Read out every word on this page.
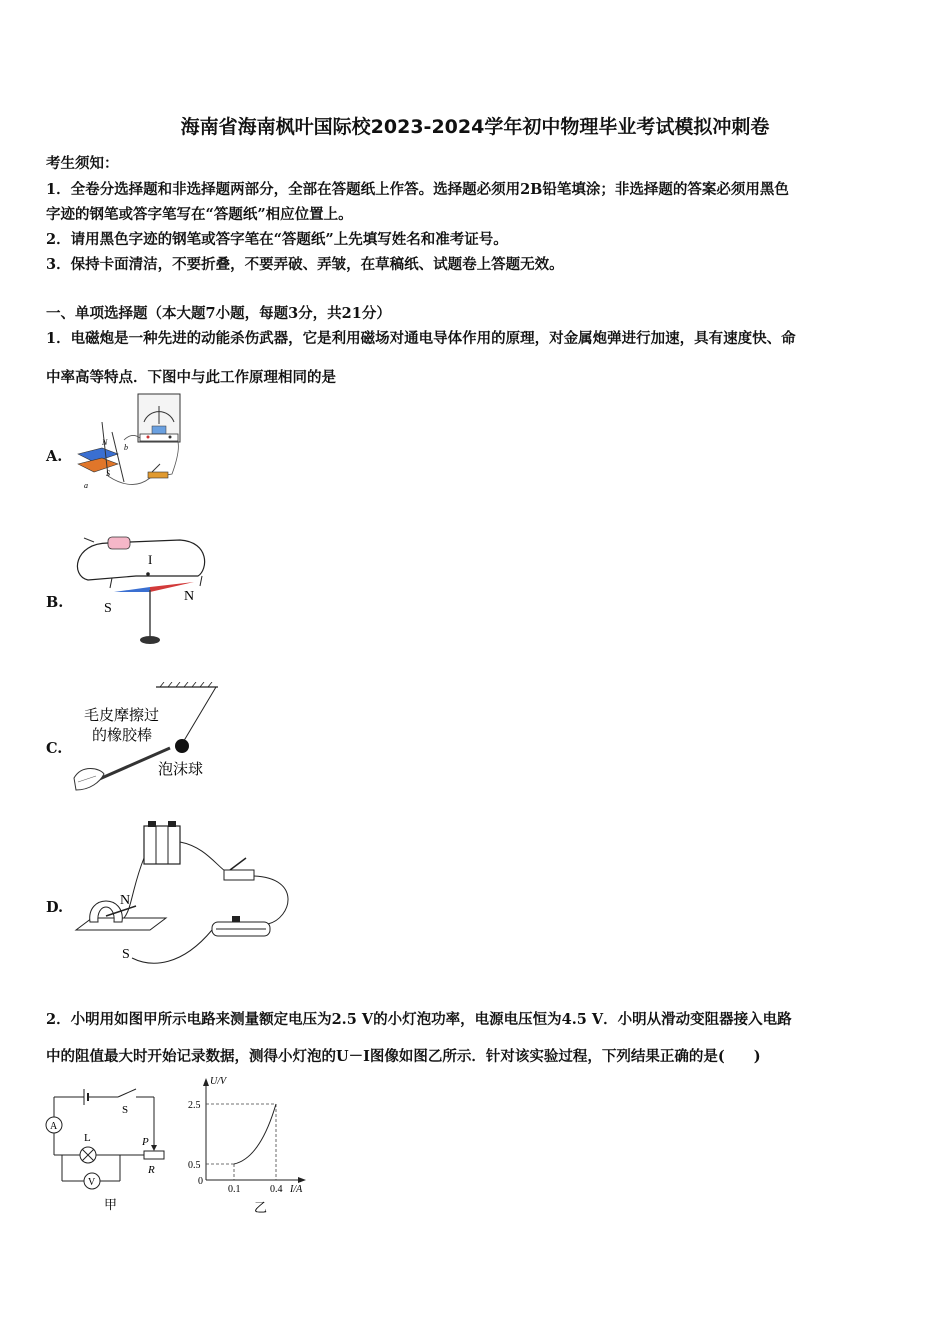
海南省海南枫叶国际校2023-2024学年初中物理毕业考试模拟冲刺卷
考生须知：
1．全卷分选择题和非选择题两部分，全部在答题纸上作答。选择题必须用2B铅笔填涂；非选择题的答案必须用黑色
字迹的钢笔或答字笔写在“答题纸”相应位置上。
2．请用黑色字迹的钢笔或答字笔在“答题纸”上先填写姓名和准考证号。
3．保持卡面清洁，不要折叠，不要弄破、弄皱，在草稿纸、试题卷上答题无效。
一、单项选择题（本大题7小题，每题3分，共21分）
1．电磁炮是一种先进的动能杀伤武器，它是利用磁场对通电导体作用的原理，对金属炮弹进行加速，具有速度快、命
中率高等特点．下图中与此工作原理相同的是
A.
N
S
a
b
B.
I
S
N
C.
毛皮摩擦过
的橡胶棒
泡沫球
D.	N
S
2．小明用如图甲所示电路来测量额定电压为2.5 V的小灯泡功率，电源电压恒为4.5 V．小明从滑动变阻器接入电路
中的阻值最大时开始记录数据，测得小灯泡的U－I图像如图乙所示．针对该实验过程，下列结果正确的是(　　)
A
S
L	P
R
V
甲
U/V
I/A
2.5
0.5
0
0.1	0.4
乙
